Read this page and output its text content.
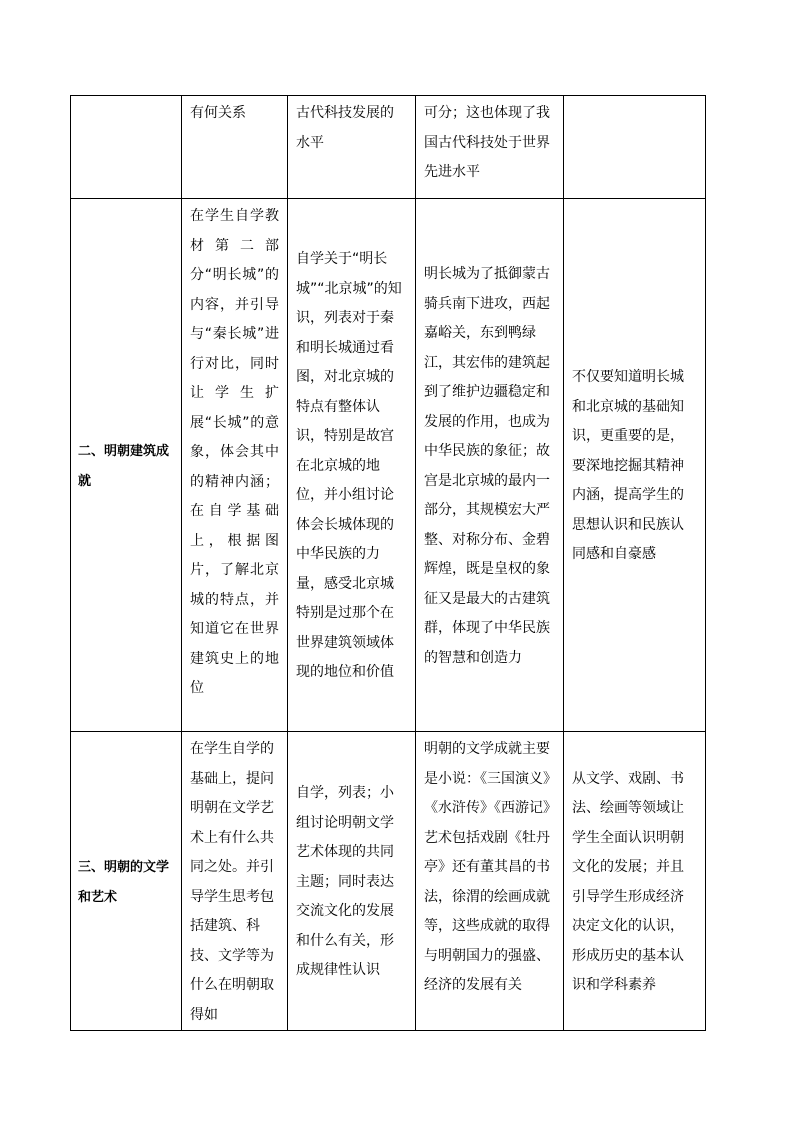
	有何关系	古代科技发展的水平	可分；这也体现了我国古代科技处于世界先进水平	

二、明朝建筑成就	在学生自学教材第二部分“明长城”的内容，并引导与“秦长城”进行对比，同时让学生扩展“长城”的意象，体会其中的精神内涵；在自学基础上，根据图片，了解北京城的特点，并知道它在世界建筑史上的地位	自学关于“明长城”“北京城”的知识，列表对于秦和明长城通过看图，对北京城的特点有整体认识，特别是故宫在北京城的地位，并小组讨论体会长城体现的中华民族的力量，感受北京城特别是过那个在世界建筑领域体现的地位和价值	明长城为了抵御蒙古骑兵南下进攻，西起嘉峪关，东到鸭绿江，其宏伟的建筑起到了维护边疆稳定和发展的作用，也成为中华民族的象征；故宫是北京城的最内一部分，其规模宏大严整、对称分布、金碧辉煌，既是皇权的象征又是最大的古建筑群，体现了中华民族的智慧和创造力	不仅要知道明长城和北京城的基础知识，更重要的是，要深地挖掘其精神内涵，提高学生的思想认识和民族认同感和自豪感

三、明朝的文学和艺术	在学生自学的基础上，提问明朝在文学艺术上有什么共同之处。并引导学生思考包括建筑、科技、文学等为什么在明朝取得如	自学，列表；小组讨论明朝文学艺术体现的共同主题；同时表达交流文化的发展和什么有关，形成规律性认识	明朝的文学成就主要是小说：《三国演义》《水浒传》《西游记》艺术包括戏剧《牡丹亭》还有董其昌的书法，徐渭的绘画成就等，这些成就的取得与明朝国力的强盛、经济的发展有关	从文学、戏剧、书法、绘画等领域让学生全面认识明朝文化的发展；并且引导学生形成经济决定文化的认识，形成历史的基本认识和学科素养
